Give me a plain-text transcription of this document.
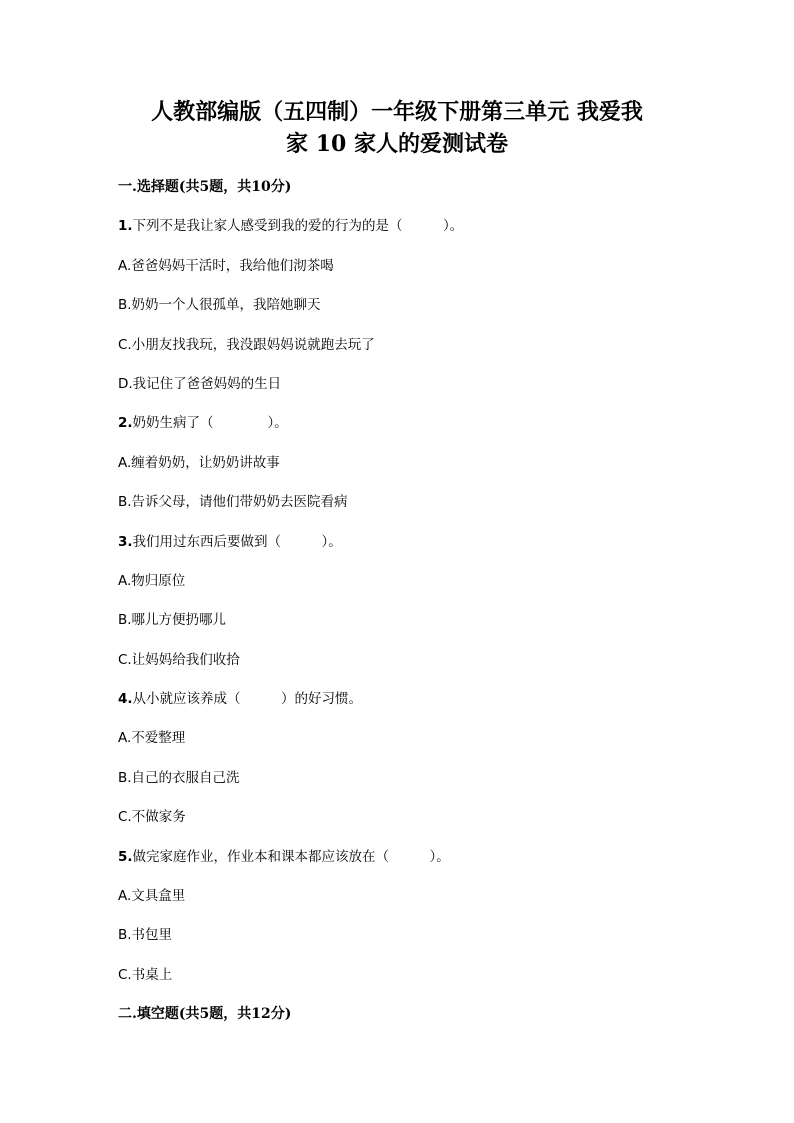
人教部编版（五四制）一年级下册第三单元 我爱我
家 10 家人的爱测试卷
一.选择题(共5题，共10分)
1.下列不是我让家人感受到我的爱的行为的是（　　　）。
A.爸爸妈妈干活时，我给他们沏茶喝
B.奶奶一个人很孤单，我陪她聊天
C.小朋友找我玩，我没跟妈妈说就跑去玩了
D.我记住了爸爸妈妈的生日
2.奶奶生病了（　　　　）。
A.缠着奶奶，让奶奶讲故事
B.告诉父母，请他们带奶奶去医院看病
3.我们用过东西后要做到（　　　）。
A.物归原位
B.哪儿方便扔哪儿
C.让妈妈给我们收拾
4.从小就应该养成（　　　）的好习惯。
A.不爱整理
B.自己的衣服自己洗
C.不做家务
5.做完家庭作业，作业本和课本都应该放在（　　　）。
A.文具盒里
B.书包里
C.书桌上
二.填空题(共5题，共12分)
